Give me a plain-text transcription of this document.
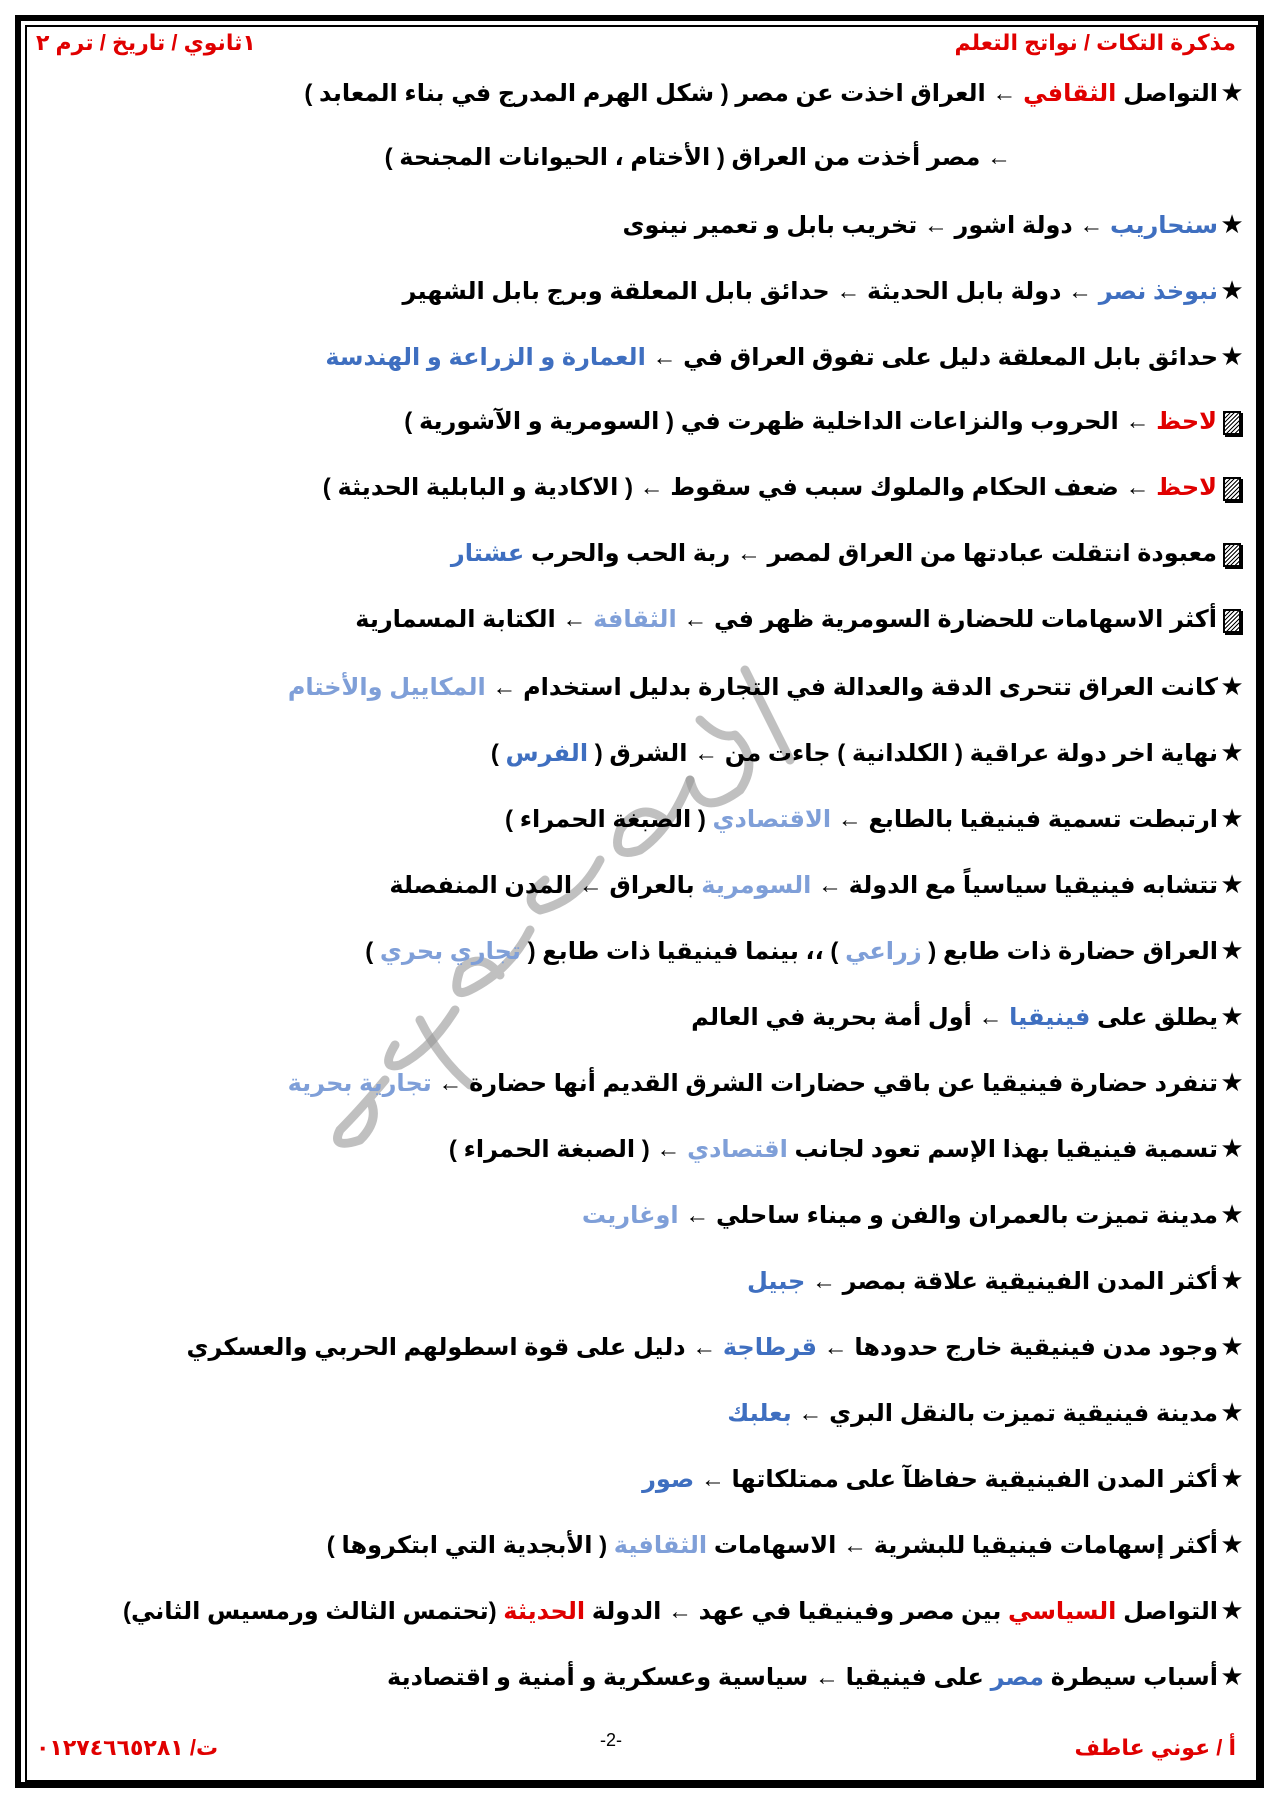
مذكرة التكات / نواتج التعلم
١ثانوي / تاريخ / ترم ٢
★التواصل الثقافي ← العراق اخذت عن مصر ( شكل الهرم المدرج في بناء المعابد )
← مصر أخذت من العراق ( الأختام ، الحيوانات المجنحة )
★سنحاريب ← دولة اشور ← تخريب بابل و تعمير نينوى
★نبوخذ نصر ← دولة بابل الحديثة ← حدائق بابل المعلقة وبرج بابل الشهير
★حدائق بابل المعلقة دليل على تفوق العراق في ← العمارة و الزراعة و الهندسة
لاحظ ← الحروب والنزاعات الداخلية ظهرت في ( السومرية و الآشورية )
لاحظ ← ضعف الحكام والملوك سبب في سقوط ← ( الاكادية و البابلية الحديثة )
معبودة انتقلت عبادتها من العراق لمصر ← ربة الحب والحرب عشتار
أكثر الاسهامات للحضارة السومرية ظهر في ← الثقافة ← الكتابة المسمارية
★كانت العراق تتحرى الدقة والعدالة في التجارة بدليل استخدام ← المكاييل والأختام
★نهاية اخر دولة عراقية ( الكلدانية ) جاءت من ← الشرق ( الفرس )
★ارتبطت تسمية فينيقيا بالطابع ← الاقتصادي ( الصبغة الحمراء )
★تتشابه فينيقيا سياسياً مع الدولة ← السومرية بالعراق ← المدن المنفصلة
★العراق حضارة ذات طابع ( زراعي ) ،، بينما فينيقيا ذات طابع ( تجاري بحري )
★يطلق على فينيقيا ← أول أمة بحرية في العالم
★تنفرد حضارة فينيقيا عن باقي حضارات الشرق القديم أنها حضارة ← تجارية بحرية
★تسمية فينيقيا بهذا الإسم تعود لجانب اقتصادي ← ( الصبغة الحمراء )
★مدينة تميزت بالعمران والفن و ميناء ساحلي ← اوغاريت
★أكثر المدن الفينيقية علاقة بمصر ← جبيل
★وجود مدن فينيقية خارج حدودها ← قرطاجة ← دليل على قوة اسطولهم الحربي والعسكري
★مدينة فينيقية تميزت بالنقل البري ← بعلبك
★أكثر المدن الفينيقية حفاظآ على ممتلكاتها ← صور
★أكثر إسهامات فينيقيا للبشرية ← الاسهامات الثقافية ( الأبجدية التي ابتكروها )
★التواصل السياسي بين مصر وفينيقيا في عهد ← الدولة الحديثة (تحتمس الثالث ورمسيس الثاني)
★أسباب سيطرة مصر على فينيقيا ← سياسية وعسكرية و أمنية و اقتصادية
أ / عوني عاطف
-2-
ت/ ٠١٢٧٤٦٦٥٢٨١
